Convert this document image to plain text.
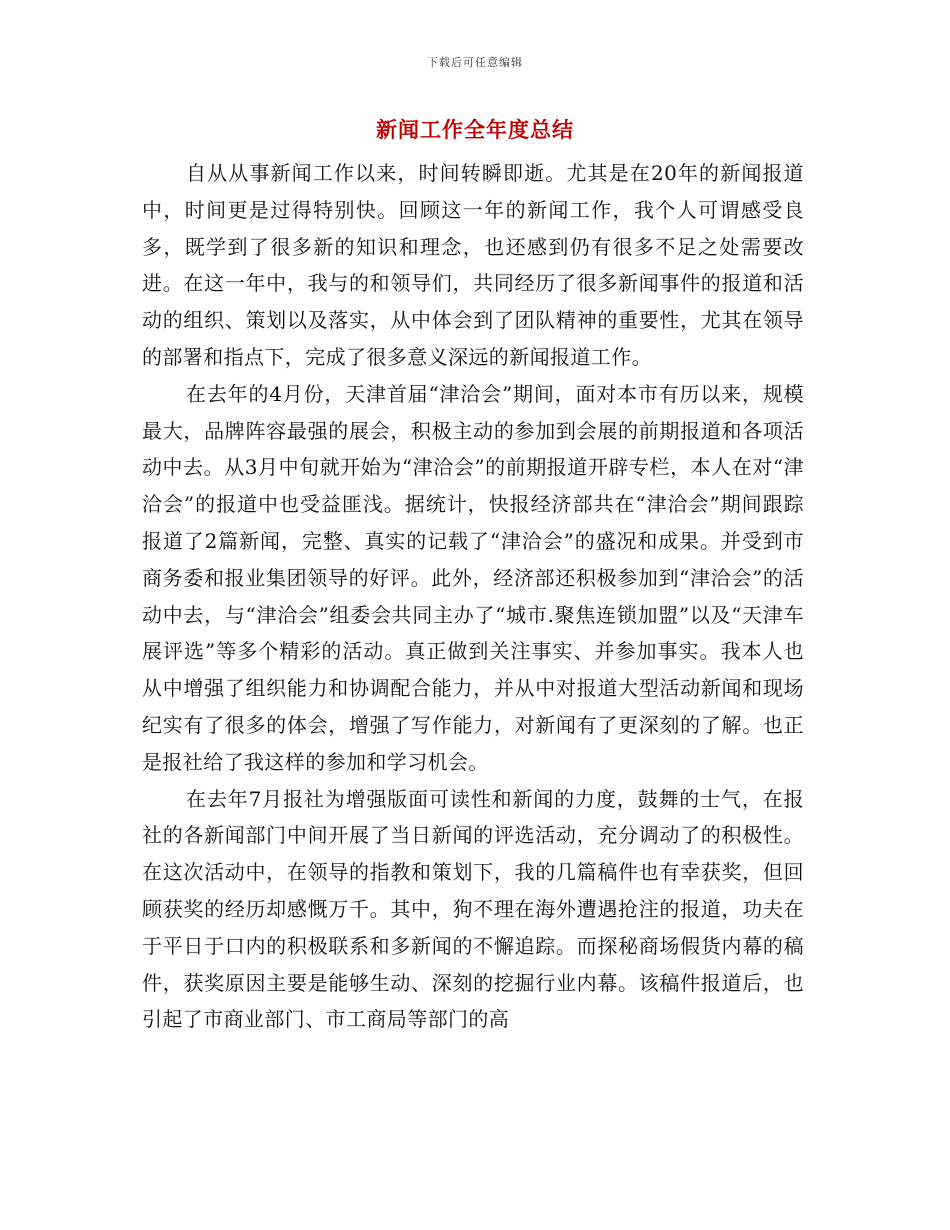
下载后可任意编辑
新闻工作全年度总结

自从从事新闻工作以来，时间转瞬即逝。尤其是在20年的新闻报道中，时间更是过得特别快。回顾这一年的新闻工作，我个人可谓感受良多，既学到了很多新的知识和理念，也还感到仍有很多不足之处需要改进。在这一年中，我与的和领导们，共同经历了很多新闻事件的报道和活动的组织、策划以及落实，从中体会到了团队精神的重要性，尤其在领导的部署和指点下，完成了很多意义深远的新闻报道工作。

在去年的4月份，天津首届“津洽会”期间，面对本市有历以来，规模最大，品牌阵容最强的展会，积极主动的参加到会展的前期报道和各项活动中去。从3月中旬就开始为“津洽会”的前期报道开辟专栏，本人在对“津洽会”的报道中也受益匪浅。据统计，快报经济部共在“津洽会”期间跟踪报道了2篇新闻，完整、真实的记载了“津洽会”的盛况和成果。并受到市商务委和报业集团领导的好评。此外，经济部还积极参加到“津洽会”的活动中去，与“津洽会”组委会共同主办了“城市.聚焦连锁加盟”以及“天津车展评选”等多个精彩的活动。真正做到关注事实、并参加事实。我本人也从中增强了组织能力和协调配合能力，并从中对报道大型活动新闻和现场纪实有了很多的体会，增强了写作能力，对新闻有了更深刻的了解。也正是报社给了我这样的参加和学习机会。

在去年7月报社为增强版面可读性和新闻的力度，鼓舞的士气，在报社的各新闻部门中间开展了当日新闻的评选活动，充分调动了的积极性。在这次活动中，在领导的指教和策划下，我的几篇稿件也有幸获奖，但回顾获奖的经历却感慨万千。其中，狗不理在海外遭遇抢注的报道，功夫在于平日于口内的积极联系和多新闻的不懈追踪。而探秘商场假货内幕的稿件，获奖原因主要是能够生动、深刻的挖掘行业内幕。该稿件报道后，也引起了市商业部门、市工商局等部门的高
